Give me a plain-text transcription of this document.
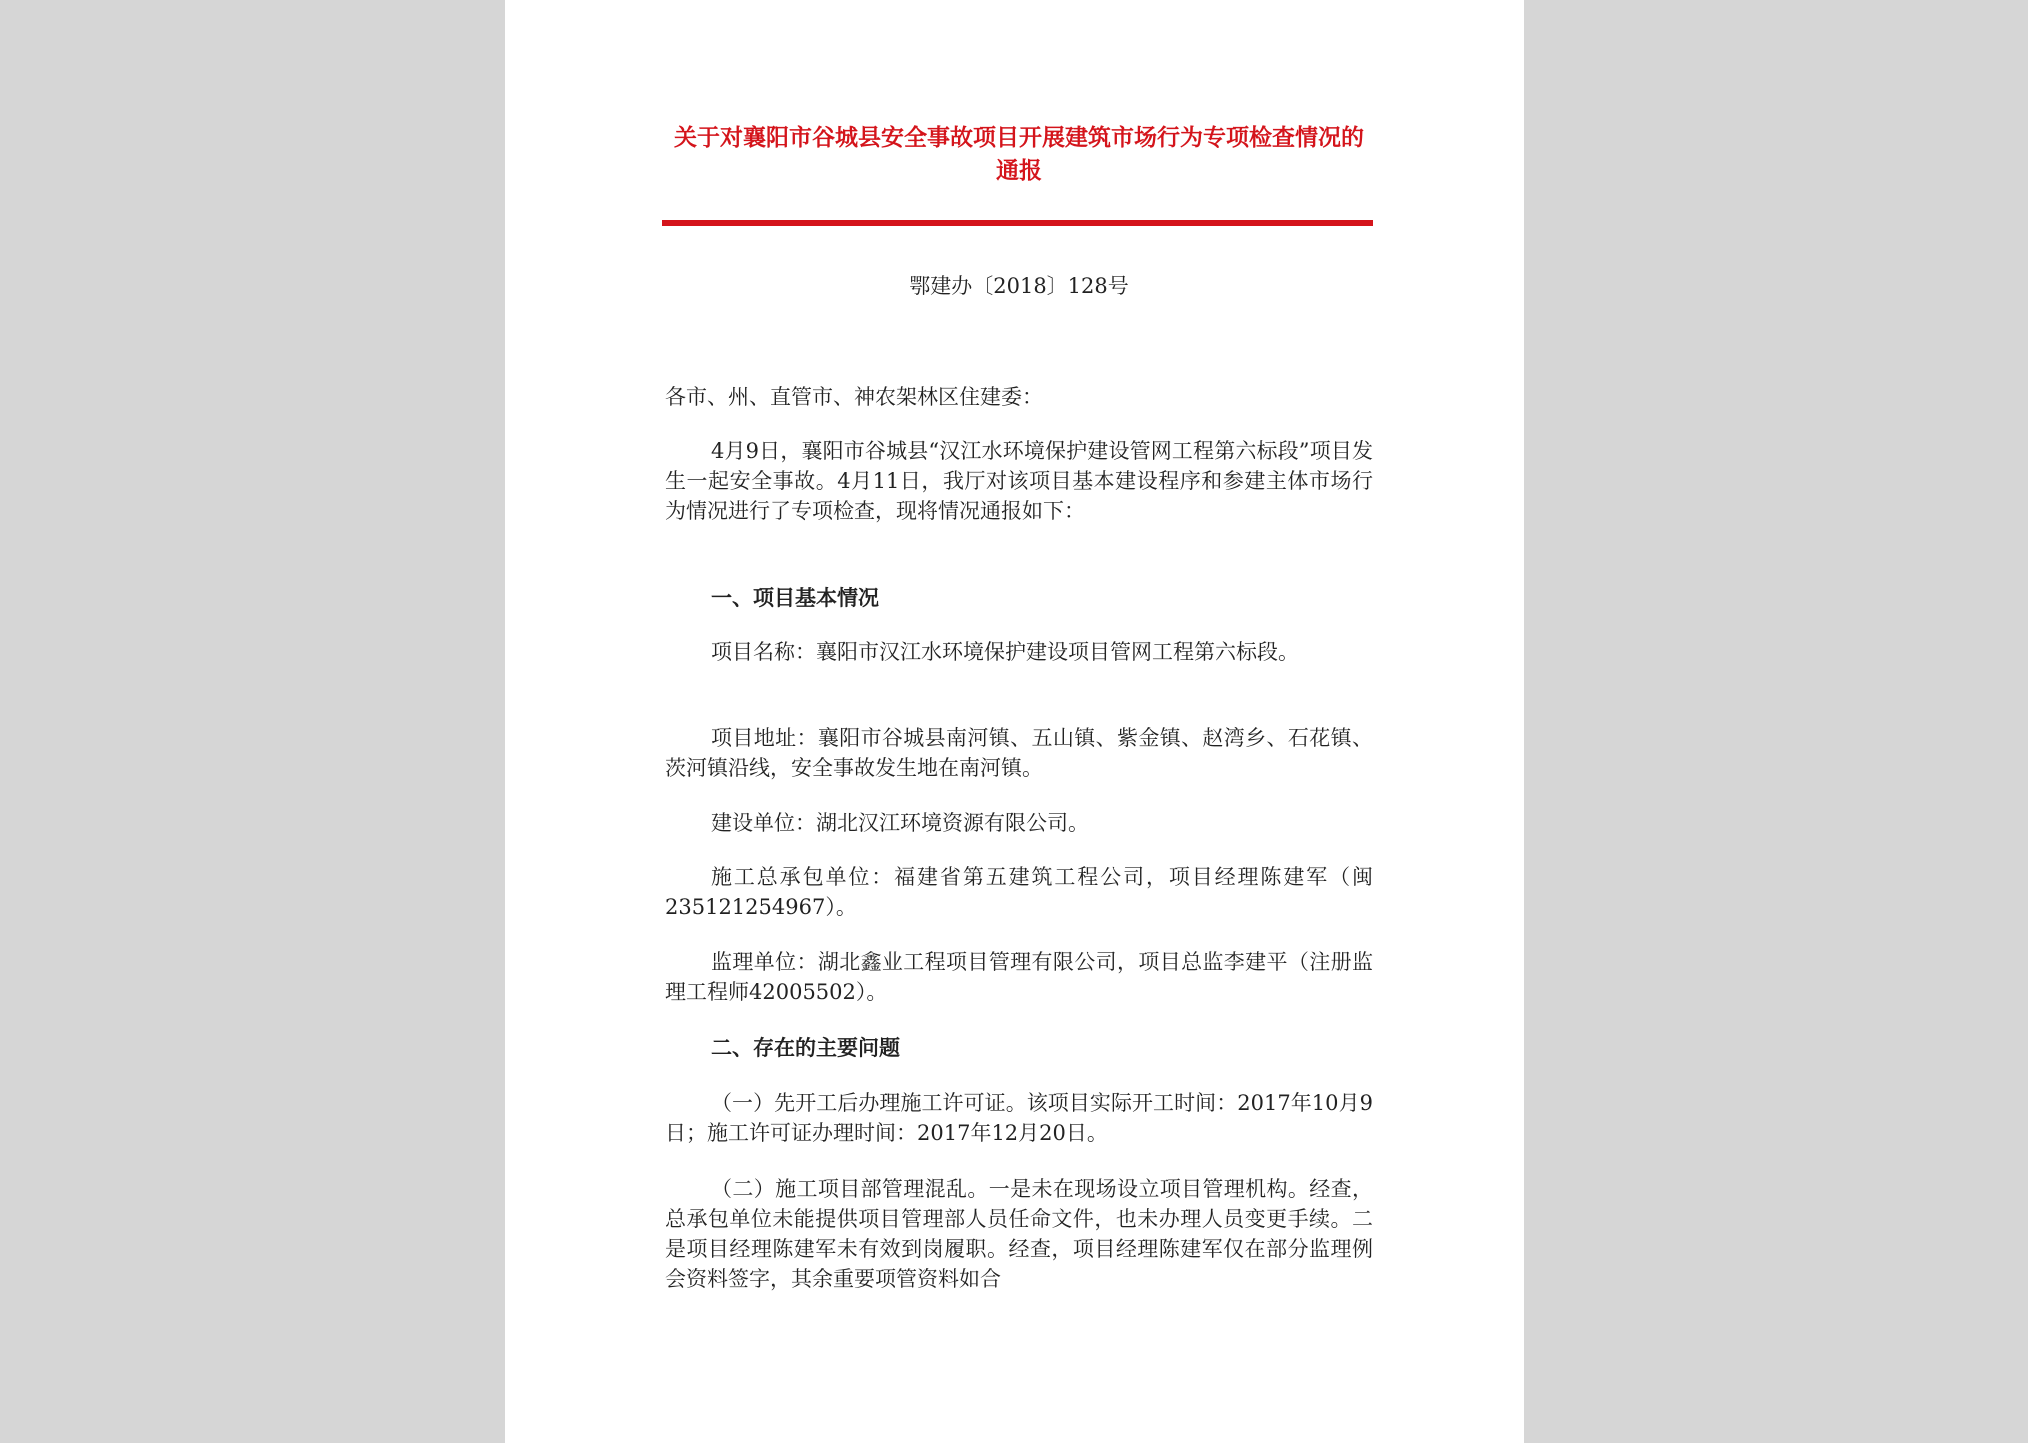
关于对襄阳市谷城县安全事故项目开展建筑市场行为专项检查情况的通报
鄂建办〔2018〕128号

各市、州、直管市、神农架林区住建委：

4月9日，襄阳市谷城县“汉江水环境保护建设管网工程第六标段”项目发生一起安全事故。4月11日，我厅对该项目基本建设程序和参建主体市场行为情况进行了专项检查，现将情况通报如下：

一、项目基本情况

项目名称：襄阳市汉江水环境保护建设项目管网工程第六标段。

项目地址：襄阳市谷城县南河镇、五山镇、紫金镇、赵湾乡、石花镇、茨河镇沿线，安全事故发生地在南河镇。

建设单位：湖北汉江环境资源有限公司。

施工总承包单位：福建省第五建筑工程公司，项目经理陈建军（闽235121254967）。

监理单位：湖北鑫业工程项目管理有限公司，项目总监李建平（注册监理工程师42005502）。

二、存在的主要问题

（一）先开工后办理施工许可证。该项目实际开工时间：2017年10月9日；施工许可证办理时间：2017年12月20日。

（二）施工项目部管理混乱。一是未在现场设立项目管理机构。经查，总承包单位未能提供项目管理部人员任命文件，也未办理人员变更手续。二是项目经理陈建军未有效到岗履职。经查，项目经理陈建军仅在部分监理例会资料签字，其余重要项管资料如合
